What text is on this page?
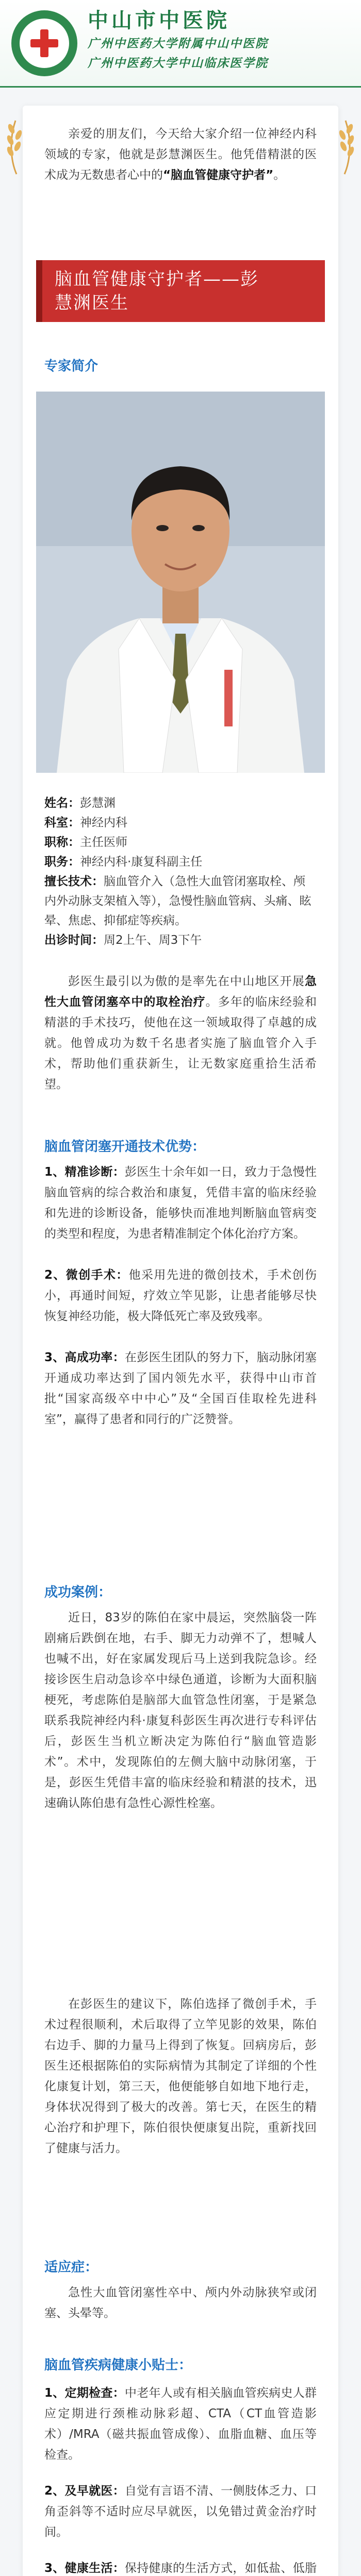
中山市中医院
广州中医药大学附属中山中医院
广州中医药大学中山临床医学院
亲爱的朋友们，今天给大家介绍一位神经内科领域的专家，他就是彭慧渊医生。他凭借精湛的医术成为无数患者心中的“脑血管健康守护者”。
脑血管健康守护者——彭
慧渊医生
专家简介
姓名：彭慧渊
科室：神经内科
职称：主任医师
职务：神经内科·康复科副主任
擅长技术：脑血管介入（急性大血管闭塞取栓、颅内外动脉支架植入等），急慢性脑血管病、头痛、眩晕、焦虑、抑郁症等疾病。
出诊时间：周2上午、周3下午
彭医生最引以为傲的是率先在中山地区开展急性大血管闭塞卒中的取栓治疗。多年的临床经验和精湛的手术技巧，使他在这一领域取得了卓越的成就。他曾成功为数千名患者实施了脑血管介入手术，帮助他们重获新生，让无数家庭重拾生活希望。
脑血管闭塞开通技术优势：
1、精准诊断：彭医生十余年如一日，致力于急慢性脑血管病的综合救治和康复，凭借丰富的临床经验和先进的诊断设备，能够快而准地判断脑血管病变的类型和程度，为患者精准制定个体化治疗方案。
2、微创手术：他采用先进的微创技术，手术创伤小，再通时间短，疗效立竿见影，让患者能够尽快恢复神经功能，极大降低死亡率及致残率。
3、高成功率：在彭医生团队的努力下，脑动脉闭塞开通成功率达到了国内领先水平，获得中山市首批“国家高级卒中中心”及“全国百佳取栓先进科室”，赢得了患者和同行的广泛赞誉。
成功案例：
近日，83岁的陈伯在家中晨运，突然脑袋一阵剧痛后跌倒在地，右手、脚无力动弹不了，想喊人也喊不出，好在家属发现后马上送到我院急诊。经接诊医生启动急诊卒中绿色通道，诊断为大面积脑梗死，考虑陈伯是脑部大血管急性闭塞，于是紧急联系我院神经内科·康复科彭医生再次进行专科评估后，彭医生当机立断决定为陈伯行“脑血管造影术”。术中，发现陈伯的左侧大脑中动脉闭塞，于是，彭医生凭借丰富的临床经验和精湛的技术，迅速确认陈伯患有急性心源性栓塞。
在彭医生的建议下，陈伯选择了微创手术，手术过程很顺利，术后取得了立竿见影的效果，陈伯右边手、脚的力量马上得到了恢复。回病房后，彭医生还根据陈伯的实际病情为其制定了详细的个性化康复计划，第三天，他便能够自如地下地行走，身体状况得到了极大的改善。第七天，在医生的精心治疗和护理下，陈伯很快便康复出院，重新找回了健康与活力。
适应症：
急性大血管闭塞性卒中、颅内外动脉狭窄或闭塞、头晕等。
脑血管疾病健康小贴士：
1、定期检查：中老年人或有相关脑血管疾病史人群应定期进行颈椎动脉彩超、CTA（CT血管造影术）/MRA（磁共振血管成像）、血脂血糖、血压等检查。
2、及早就医：自觉有言语不清、一侧肢体乏力、口角歪斜等不适时应尽早就医，以免错过黄金治疗时间。
3、健康生活：保持健康的生活方式，如低盐、低脂
